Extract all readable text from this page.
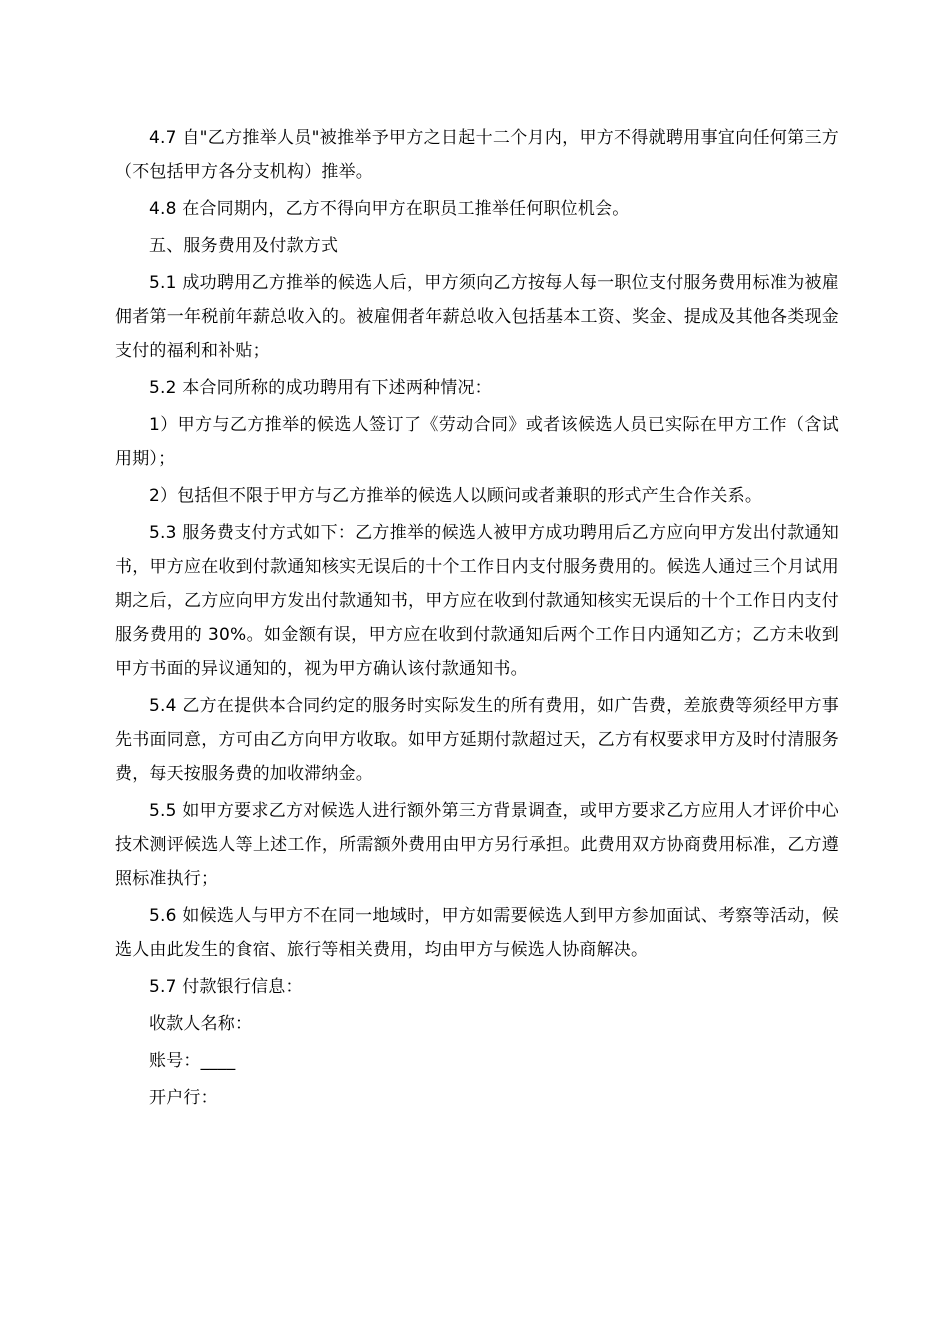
4.7 自"乙方推举人员"被推举予甲方之日起十二个月内，甲方不得就聘用事宜向任何第三方（不包括甲方各分支机构）推举。

4.8 在合同期内，乙方不得向甲方在职员工推举任何职位机会。

五、服务费用及付款方式

5.1 成功聘用乙方推举的候选人后，甲方须向乙方按每人每一职位支付服务费用标准为被雇佣者第一年税前年薪总收入的。被雇佣者年薪总收入包括基本工资、奖金、提成及其他各类现金支付的福利和补贴；

5.2 本合同所称的成功聘用有下述两种情况：

1）甲方与乙方推举的候选人签订了《劳动合同》或者该候选人员已实际在甲方工作（含试用期）；

2）包括但不限于甲方与乙方推举的候选人以顾问或者兼职的形式产生合作关系。

5.3 服务费支付方式如下：乙方推举的候选人被甲方成功聘用后乙方应向甲方发出付款通知书，甲方应在收到付款通知核实无误后的十个工作日内支付服务费用的。候选人通过三个月试用期之后，乙方应向甲方发出付款通知书，甲方应在收到付款通知核实无误后的十个工作日内支付服务费用的 30%。如金额有误，甲方应在收到付款通知后两个工作日内通知乙方；乙方未收到甲方书面的异议通知的，视为甲方确认该付款通知书。

5.4 乙方在提供本合同约定的服务时实际发生的所有费用，如广告费，差旅费等须经甲方事先书面同意，方可由乙方向甲方收取。如甲方延期付款超过天，乙方有权要求甲方及时付清服务费，每天按服务费的加收滞纳金。

5.5 如甲方要求乙方对候选人进行额外第三方背景调查，或甲方要求乙方应用人才评价中心技术测评候选人等上述工作，所需额外费用由甲方另行承担。此费用双方协商费用标准，乙方遵照标准执行；

5.6 如候选人与甲方不在同一地域时，甲方如需要候选人到甲方参加面试、考察等活动，候选人由此发生的食宿、旅行等相关费用，均由甲方与候选人协商解决。

5.7 付款银行信息：

收款人名称：

账号：____

开户行：
